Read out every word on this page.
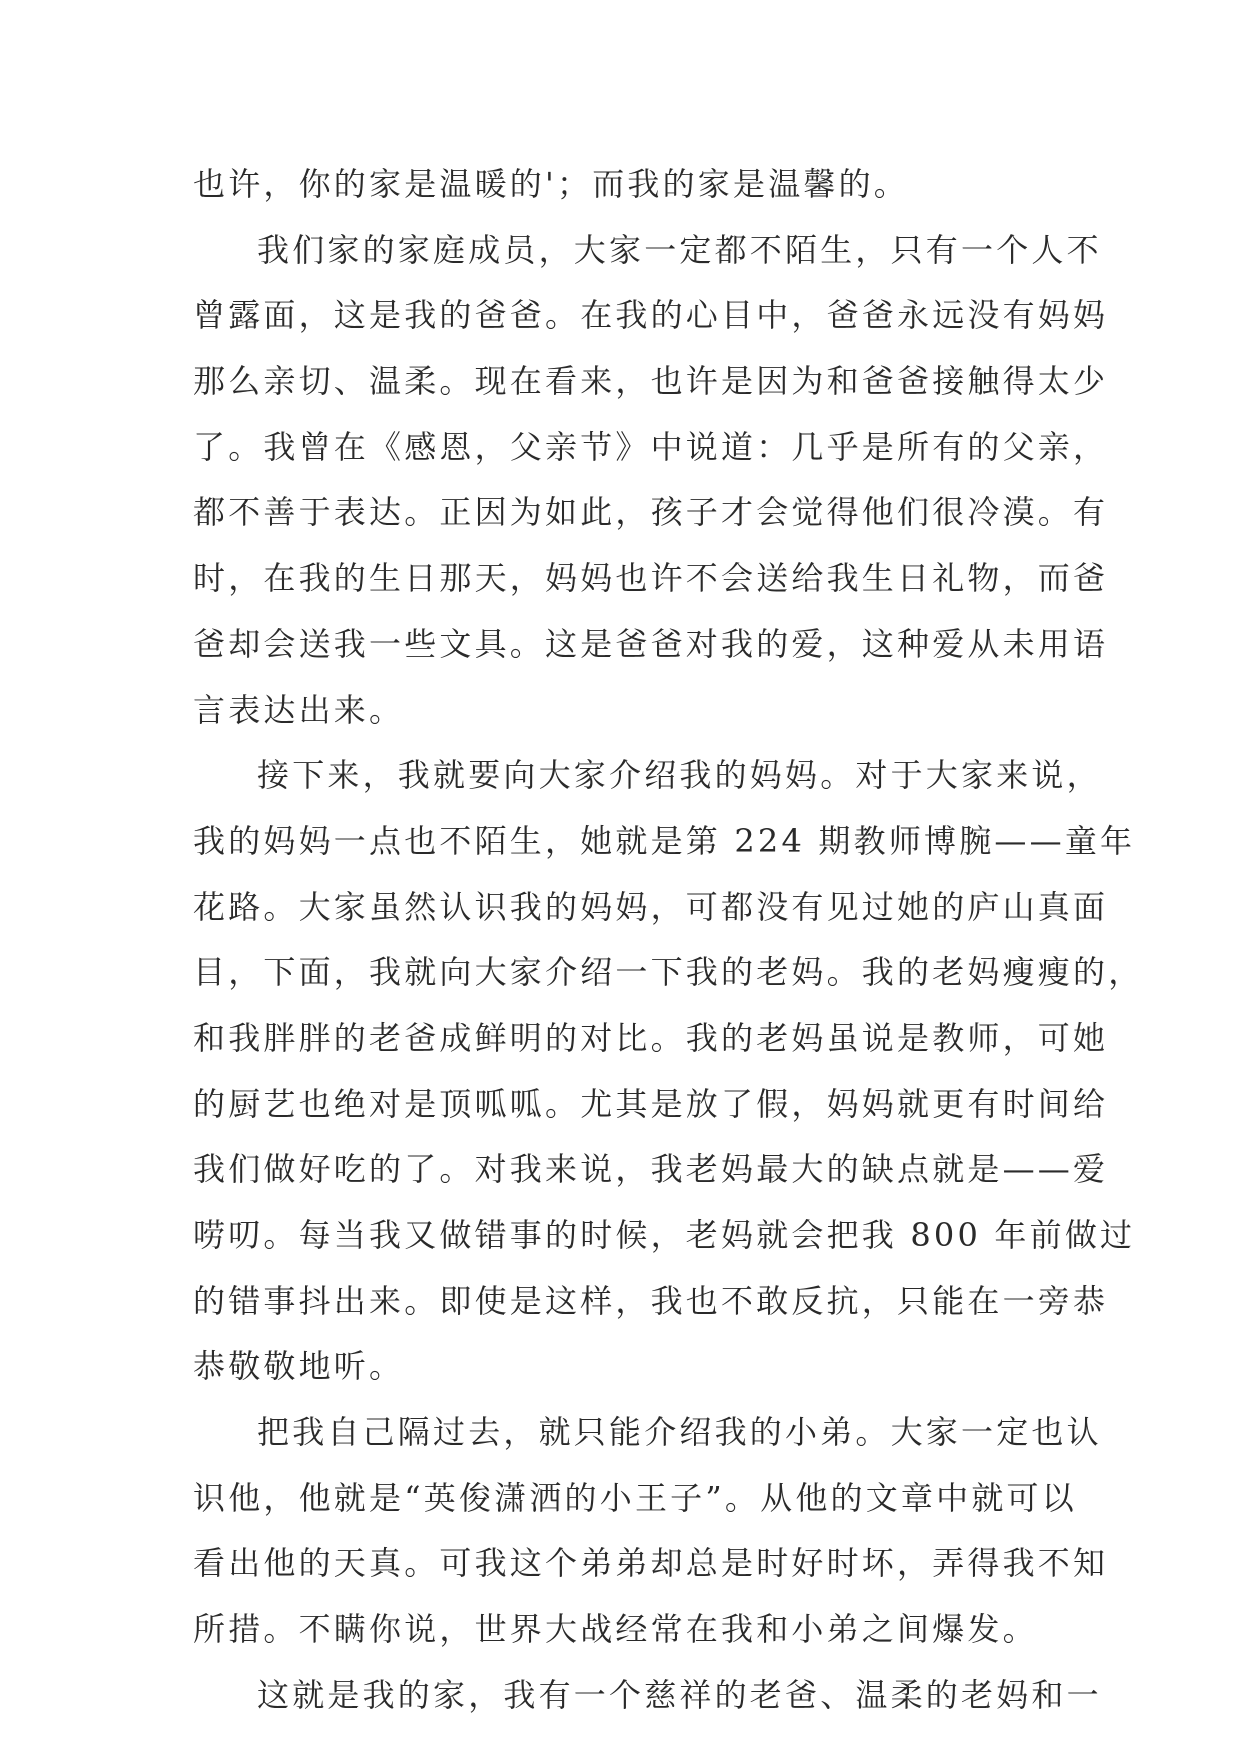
也许，你的家是温暖的'；而我的家是温馨的。
我们家的家庭成员，大家一定都不陌生，只有一个人不
曾露面，这是我的爸爸。在我的心目中，爸爸永远没有妈妈
那么亲切、温柔。现在看来，也许是因为和爸爸接触得太少
了。我曾在《感恩，父亲节》中说道：几乎是所有的父亲，
都不善于表达。正因为如此，孩子才会觉得他们很冷漠。有
时，在我的生日那天，妈妈也许不会送给我生日礼物，而爸
爸却会送我一些文具。这是爸爸对我的爱，这种爱从未用语
言表达出来。
接下来，我就要向大家介绍我的妈妈。对于大家来说，
我的妈妈一点也不陌生，她就是第 224 期教师博腕——童年
花路。大家虽然认识我的妈妈，可都没有见过她的庐山真面
目，下面，我就向大家介绍一下我的老妈。我的老妈瘦瘦的，
和我胖胖的老爸成鲜明的对比。我的老妈虽说是教师，可她
的厨艺也绝对是顶呱呱。尤其是放了假，妈妈就更有时间给
我们做好吃的了。对我来说，我老妈最大的缺点就是——爱
唠叨。每当我又做错事的时候，老妈就会把我 800 年前做过
的错事抖出来。即使是这样，我也不敢反抗，只能在一旁恭
恭敬敬地听。
把我自己隔过去，就只能介绍我的小弟。大家一定也认
识他，他就是“英俊潇洒的小王子”。从他的文章中就可以
看出他的天真。可我这个弟弟却总是时好时坏，弄得我不知
所措。不瞒你说，世界大战经常在我和小弟之间爆发。
这就是我的家，我有一个慈祥的老爸、温柔的老妈和一
